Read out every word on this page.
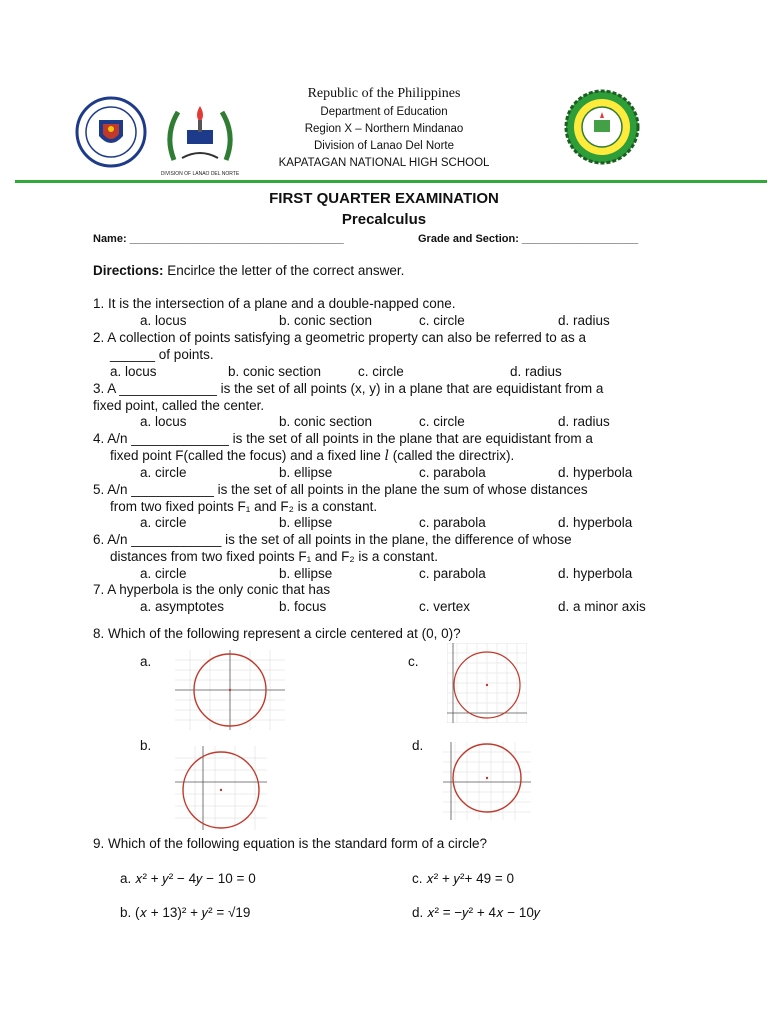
DIVISION OF LANAO DEL NORTE
Republic of the Philippines
Department of Education
Region X – Northern Mindanao
Division of Lanao Del Norte
KAPATAGAN NATIONAL HIGH SCHOOL
FIRST QUARTER EXAMINATION
Precalculus
Name: ___________________________________	Grade and Section: ___________________
Directions: Encirlce the letter of the correct answer.
1. It is the intersection of a plane and a double-napped cone.
a. locus	b. conic section	c. circle	d. radius
2. A collection of points satisfying a geometric property can also be referred to as a
______ of points.
a. locus	b. conic section	c. circle	d. radius
3. A _____________ is the set of all points (x, y) in a plane that are equidistant from a
fixed point, called the center.
a. locus	b. conic section	c. circle	d. radius
4. A/n _____________ is the set of all points in the plane that are equidistant from a
fixed point F(called the focus) and a fixed line l (called the directrix).
a. circle	b. ellipse	c. parabola	d. hyperbola
5. A/n ___________ is the set of all points in the plane the sum of whose distances
from two fixed points F₁ and F₂ is a constant.
a. circle	b. ellipse	c. parabola	d. hyperbola
6. A/n ____________ is the set of all points in the plane, the difference of whose
distances from two fixed points F₁ and F₂ is a constant.
a. circle	b. ellipse	c. parabola	d. hyperbola
7. A hyperbola is the only conic that has
a. asymptotes	b. focus	c. vertex	d. a minor axis
8. Which of the following represent a circle centered at (0, 0)?
a.	c.
b.	d.
9. Which of the following equation is the standard form of a circle?
a. 𝑥² + 𝑦² − 4𝑦 − 10 = 0	c. 𝑥² + 𝑦²+ 49 = 0
b. (𝑥 + 13)² + 𝑦² = √19	d. 𝑥² = −𝑦² + 4𝑥 − 10𝑦
